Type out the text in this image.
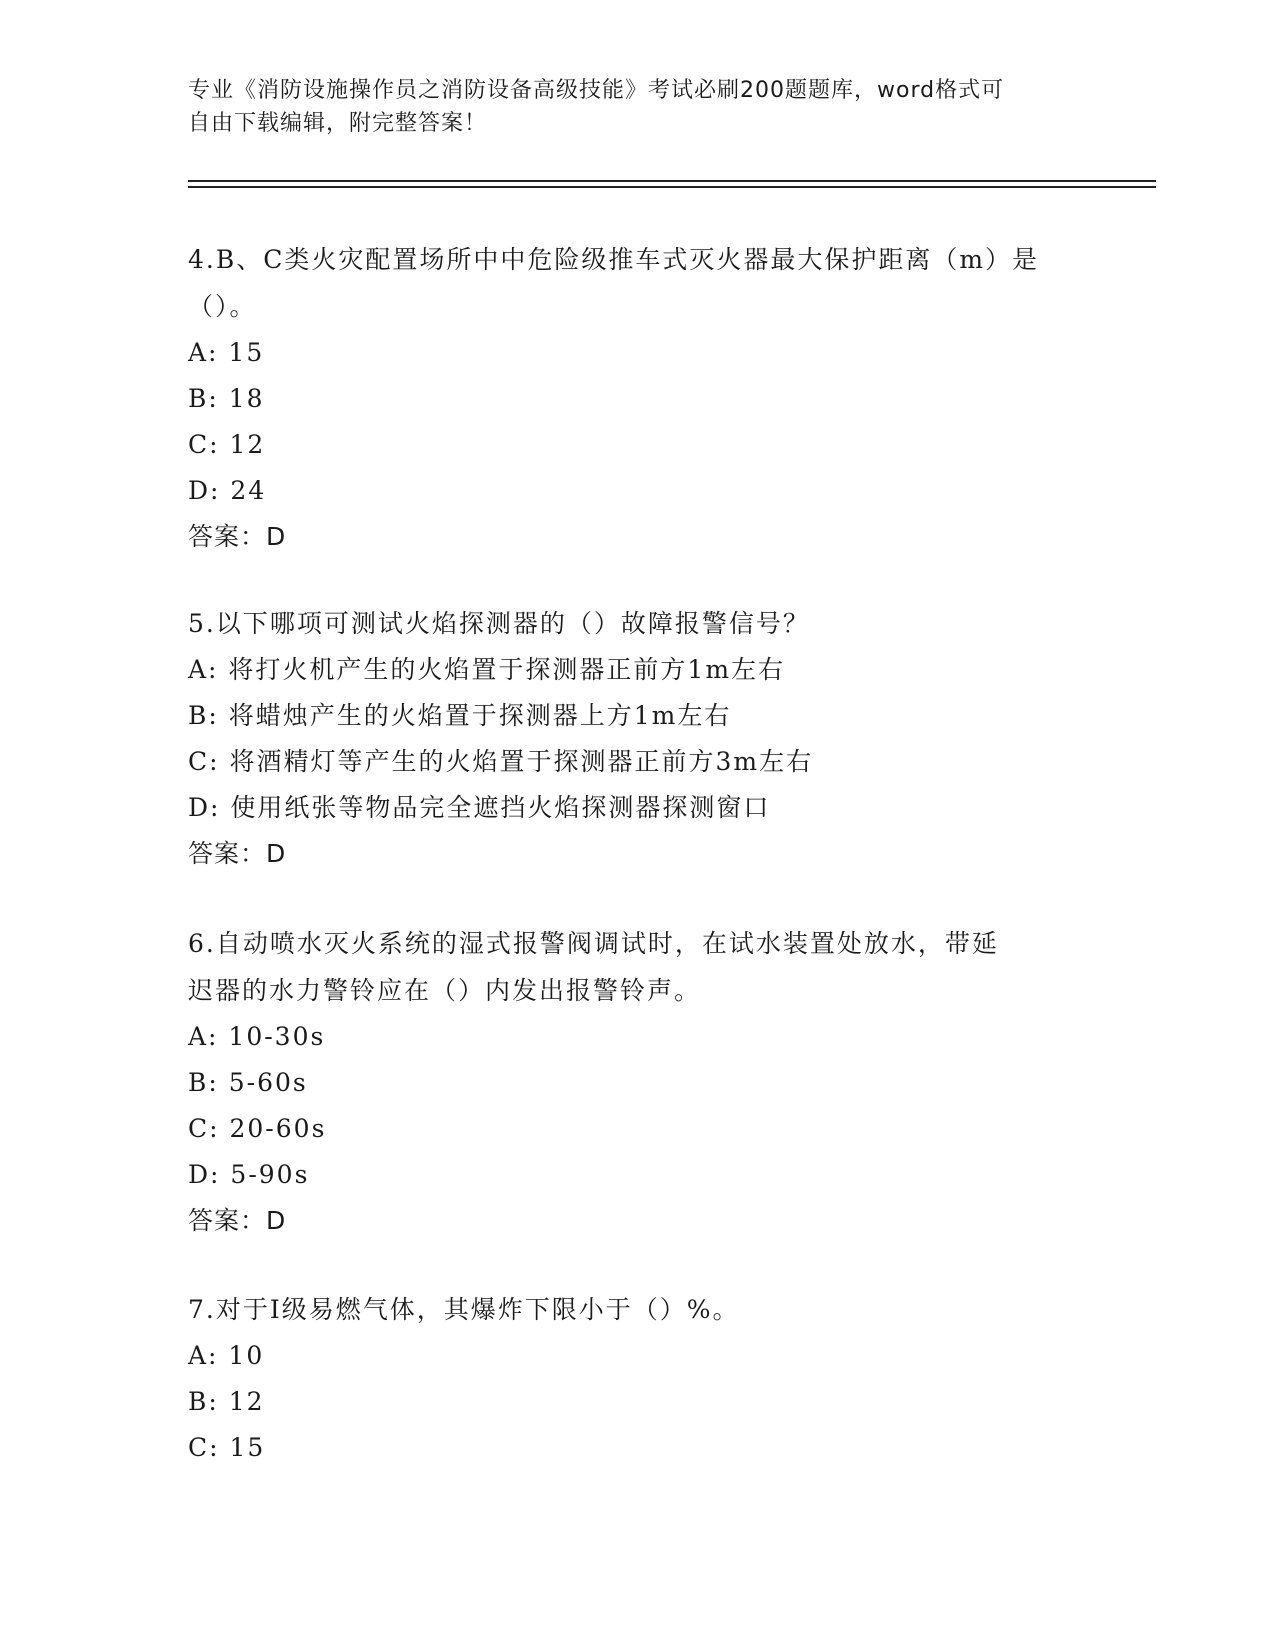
专业《消防设施操作员之消防设备高级技能》考试必刷200题题库，word格式可
自由下载编辑，附完整答案！
4.B、C类火灾配置场所中中危险级推车式灭火器最大保护距离（m）是
（）。
A: 15
B: 18
C: 12
D: 24
答案：D
5.以下哪项可测试火焰探测器的（）故障报警信号？
A: 将打火机产生的火焰置于探测器正前方1m左右
B: 将蜡烛产生的火焰置于探测器上方1m左右
C: 将酒精灯等产生的火焰置于探测器正前方3m左右
D: 使用纸张等物品完全遮挡火焰探测器探测窗口
答案：D
6.自动喷水灭火系统的湿式报警阀调试时，在试水装置处放水，带延
迟器的水力警铃应在（）内发出报警铃声。
A: 10-30s
B: 5-60s
C: 20-60s
D: 5-90s
答案：D
7.对于Ⅰ级易燃气体，其爆炸下限小于（）%。
A: 10
B: 12
C: 15
